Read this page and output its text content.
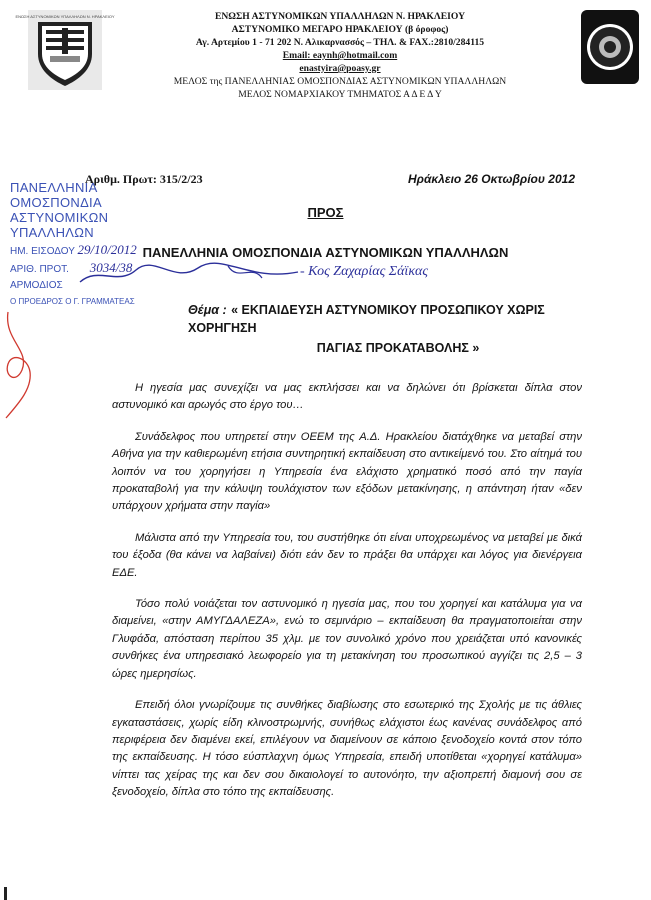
ΕΝΩΣΗ ΑΣΤΥΝΟΜΙΚΩΝ ΥΠΑΛΛΗΛΩΝ Ν. ΗΡΑΚΛΕΙΟΥ	ΕΝΩΣΗ ΑΣΤΥΝΟΜΙΚΩΝ ΥΠΑΛΛΗΛΩΝ Ν. ΗΡΑΚΛΕΙΟΥ
ΑΣΤΥΝΟΜΙΚΟ ΜΕΓΑΡΟ ΗΡΑΚΛΕΙΟΥ (β όροφος)
Αγ. Αρτεμίου 1 - 71 202 Ν. Αλικαρνασσός – ΤΗΛ. & FAX.:2810/284115
Email: eaynh@hotmail.com
enastyira@poasy.gr
ΜΕΛΟΣ της ΠΑΝΕΛΛΗΝΙΑΣ ΟΜΟΣΠΟΝΔΙΑΣ ΑΣΤΥΝΟΜΙΚΩΝ ΥΠΑΛΛΗΛΩΝ
ΜΕΛΟΣ ΝΟΜΑΡΧΙΑΚΟΥ ΤΜΗΜΑΤΟΣ Α Δ Ε Δ Υ
Αριθμ. Πρωτ: 315/2/23	Ηράκλειο 26 Οκτωβρίου 2012
ΠΡΟΣ
ΠΑΝΕΛΛΗΝΙΑ ΟΜΟΣΠΟΝΔΙΑ ΑΣΤΥΝΟΜΙΚΩΝ ΥΠΑΛΛΗΛΩΝ
ΠΑΝΕΛΛΗΝΙΑ ΟΜΟΣΠΟΝΔΙΑ ΑΣΤΥΝΟΜΙΚΩΝ ΥΠΑΛΛΗΛΩΝ
ΗΜ. ΕΙΣΟΔΟΥ 29/10/2012
ΑΡΙΘ. ΠΡΟΤ. 3034/38
ΑΡΜΟΔΙΟΣ
Ο ΠΡΟΕΔΡΟΣ Ο Γ. ΓΡΑΜΜΑΤΕΑΣ
- Κος Ζαχαρίας Σάϊκας
Θέμα : « ΕΚΠΑΙΔΕΥΣΗ ΑΣΤΥΝΟΜΙΚΟΥ ΠΡΟΣΩΠΙΚΟΥ ΧΩΡΙΣ ΧΟΡΗΓΗΣΗ
ΠΑΓΙΑΣ ΠΡΟΚΑΤΑΒΟΛΗΣ »

Η ηγεσία μας συνεχίζει να μας εκπλήσσει και να δηλώνει ότι βρίσκεται δίπλα στον αστυνομικό και αρωγός στο έργο του…

Συνάδελφος που υπηρετεί στην ΟΕΕΜ της Α.Δ. Ηρακλείου διατάχθηκε να μεταβεί στην Αθήνα για την καθιερωμένη ετήσια συντηρητική εκπαίδευση στο αντικείμενό του. Στο αίτημά του λοιπόν να του χορηγήσει η Υπηρεσία ένα ελάχιστο χρηματικό ποσό από την παγία προκαταβολή για την κάλυψη τουλάχιστον των εξόδων μετακίνησης, η απάντηση ήταν «δεν υπάρχουν χρήματα στην παγία»

Μάλιστα από την Υπηρεσία του, του συστήθηκε ότι είναι υποχρεωμένος να μεταβεί με δικά του έξοδα (θα κάνει να λαβαίνει) διότι εάν δεν το πράξει θα υπάρχει και λόγος για διενέργεια ΕΔΕ.

Τόσο πολύ νοιάζεται τον αστυνομικό η ηγεσία μας, που του χορηγεί και κατάλυμα για να διαμείνει, «στην ΑΜΥΓΔΑΛΕΖΑ», ενώ το σεμινάριο – εκπαίδευση θα πραγματοποιείται στην Γλυφάδα, απόσταση περίπου 35 χλμ. με τον συνολικό χρόνο που χρειάζεται υπό κανονικές συνθήκες ένα υπηρεσιακό λεωφορείο για τη μετακίνηση του προσωπικού αγγίζει τις 2,5 – 3 ώρες ημερησίως.

Επειδή όλοι γνωρίζουμε τις συνθήκες διαβίωσης στο εσωτερικό της Σχολής με τις άθλιες εγκαταστάσεις, χωρίς είδη κλινοστρωμνής, συνήθως ελάχιστοι έως κανένας συνάδελφος από περιφέρεια δεν διαμένει εκεί, επιλέγουν να διαμείνουν σε κάποιο ξενοδοχείο κοντά στον τόπο της εκπαίδευσης. Η τόσο εύσπλαχνη όμως Υπηρεσία, επειδή υποτίθεται «χορηγεί κατάλυμα» νίπτει τας χείρας της και δεν σου δικαιολογεί το αυτονόητο, την αξιοπρεπή διαμονή σου σε ξενοδοχείο, δίπλα στο τόπο της εκπαίδευσης.
